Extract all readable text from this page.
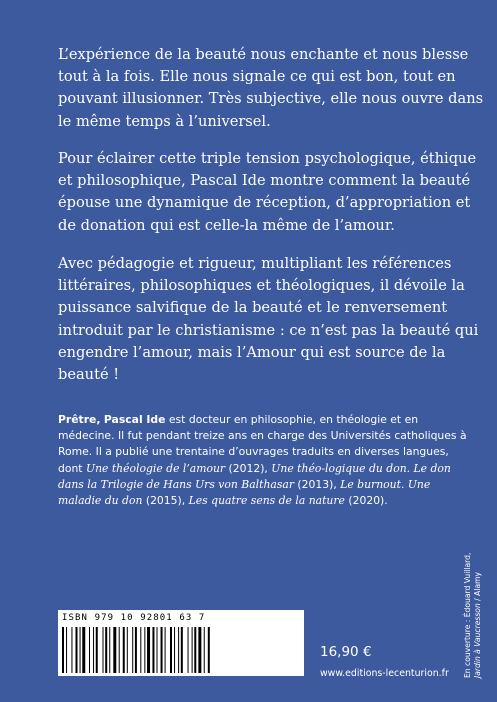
L’expérience de la beauté nous enchante et nous blesse tout à la fois. Elle nous signale ce qui est bon, tout en pouvant illusionner. Très subjective, elle nous ouvre dans le même temps à l’universel.

Pour éclairer cette triple tension psychologique, éthique et philosophique, Pascal Ide montre comment la beauté épouse une dynamique de réception, d’appropriation et de donation qui est celle-la même de l’amour.

Avec pédagogie et rigueur, multipliant les références littéraires, philosophiques et théologiques, il dévoile la puissance salvifique de la beauté et le renversement introduit par le christianisme : ce n’est pas la beauté qui engendre l’amour, mais l’Amour qui est source de la beauté !

Prêtre, Pascal Ide est docteur en philosophie, en théologie et en médecine. Il fut pendant treize ans en charge des Universités catholiques à Rome. Il a publié une trentaine d’ouvrages traduits en diverses langues, dont Une théologie de l’amour (2012), Une théo-logique du don. Le don dans la Trilogie de Hans Urs von Balthasar (2013), Le burnout. Une maladie du don (2015), Les quatre sens de la nature (2020).

ISBN 979 10 92801 63 7
16,90 €
www.editions-lecenturion.fr En couverture : Édouard Vuillard, Jardin à Vaucresson / Alamy
